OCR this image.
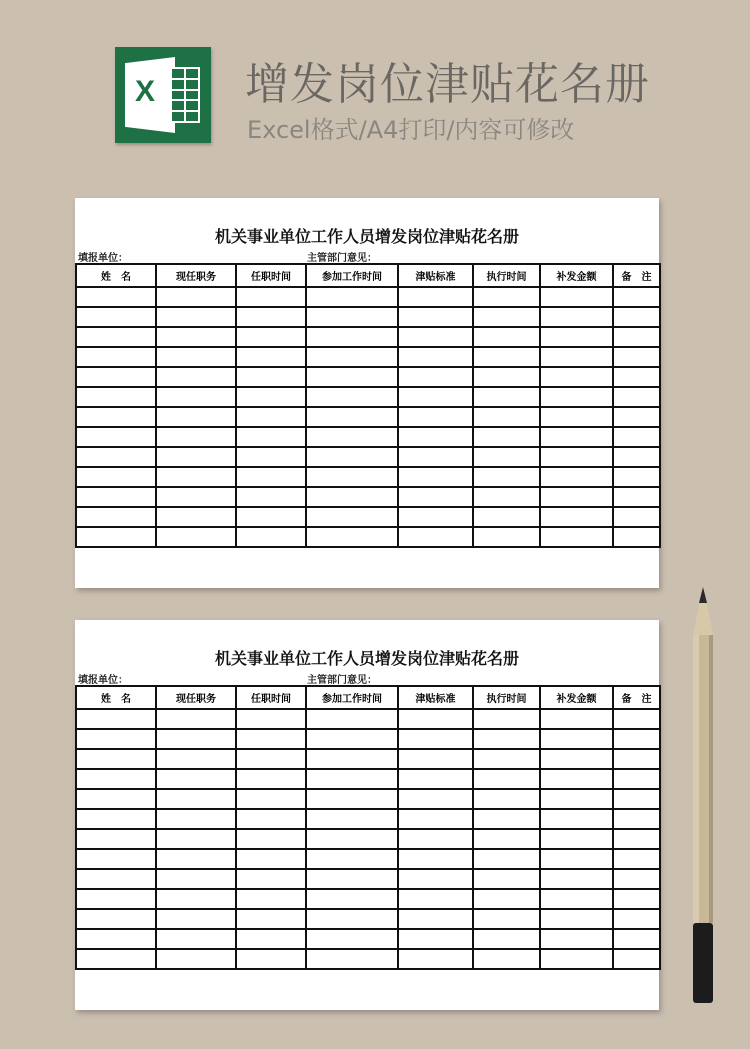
X 增发岗位津贴花名册
Excel格式/A4打印/内容可修改
机关事业单位工作人员增发岗位津贴花名册
填报单位：	主管部门意见：
姓　名	现任职务	任职时间	参加工作时间	津贴标准	执行时间	补发金额	备　注

机关事业单位工作人员增发岗位津贴花名册
填报单位：	主管部门意见：
姓　名	现任职务	任职时间	参加工作时间	津贴标准	执行时间	补发金额	备　注
